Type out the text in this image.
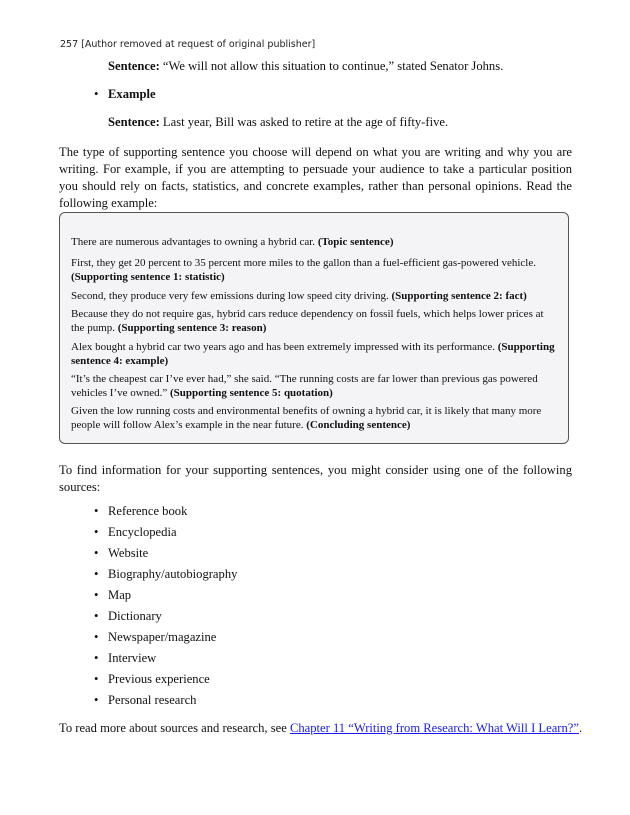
257 [Author removed at request of original publisher]
Sentence: “We will not allow this situation to continue,” stated Senator Johns.
• Example
Sentence: Last year, Bill was asked to retire at the age of fifty-five.
The type of supporting sentence you choose will depend on what you are writing and why you are writing. For example, if you are attempting to persuade your audience to take a particular position you should rely on facts, statistics, and concrete examples, rather than personal opinions. Read the following example:
There are numerous advantages to owning a hybrid car. (Topic sentence)
First, they get 20 percent to 35 percent more miles to the gallon than a fuel-efficient gas-powered vehicle. (Supporting sentence 1: statistic)
Second, they produce very few emissions during low speed city driving. (Supporting sentence 2: fact)
Because they do not require gas, hybrid cars reduce dependency on fossil fuels, which helps lower prices at the pump. (Supporting sentence 3: reason)
Alex bought a hybrid car two years ago and has been extremely impressed with its performance. (Supporting sentence 4: example)
“It’s the cheapest car I’ve ever had,” she said. “The running costs are far lower than previous gas powered vehicles I’ve owned.” (Supporting sentence 5: quotation)
Given the low running costs and environmental benefits of owning a hybrid car, it is likely that many more people will follow Alex’s example in the near future. (Concluding sentence)
To find information for your supporting sentences, you might consider using one of the following sources:
• Reference book
• Encyclopedia
• Website
• Biography/autobiography
• Map
• Dictionary
• Newspaper/magazine
• Interview
• Previous experience
• Personal research
To read more about sources and research, see Chapter 11 “Writing from Research: What Will I Learn?”.
